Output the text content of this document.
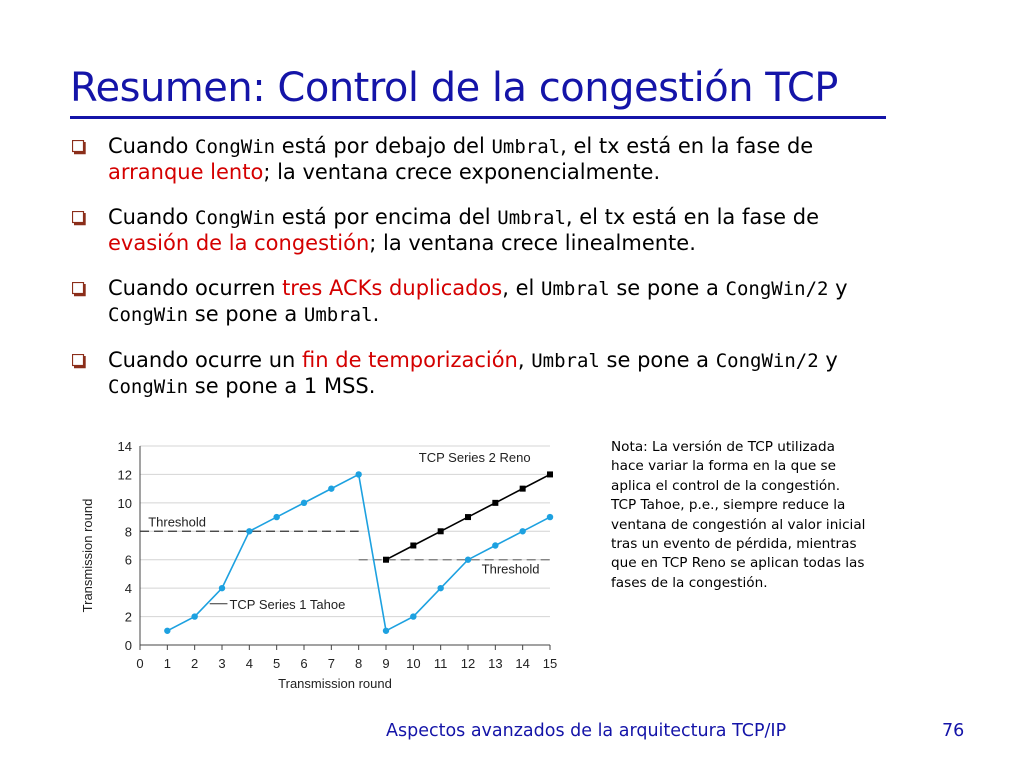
Resumen: Control de la congestión TCP
Cuando CongWin está por debajo del Umbral, el tx está en la fase de arranque lento; la ventana crece exponencialmente.
Cuando CongWin está por encima del Umbral, el tx está en la fase de evasión de la congestión; la ventana crece linealmente.
Cuando ocurren tres ACKs duplicados, el Umbral se pone a CongWin/2 y CongWin se pone a Umbral.
Cuando ocurre un fin de temporización, Umbral se pone a CongWin/2 y CongWin se pone a 1 MSS.
0
2
4
6
8
10
12
14
0 1 2 3 4 5 6 7 8 9 10 11 12 13 14 15
Transmission round
Transmission round	Threshold
Threshold
TCP Series 1 Tahoe
TCP Series 2 Reno

Nota: La versión de TCP utilizada
hace variar la forma en la que se
aplica el control de la congestión.
TCP Tahoe, p.e., siempre reduce la
ventana de congestión al valor inicial
tras un evento de pérdida, mientras
que en TCP Reno se aplican todas las
fases de la congestión.

Aspectos avanzados de la arquitectura TCP/IP	76
